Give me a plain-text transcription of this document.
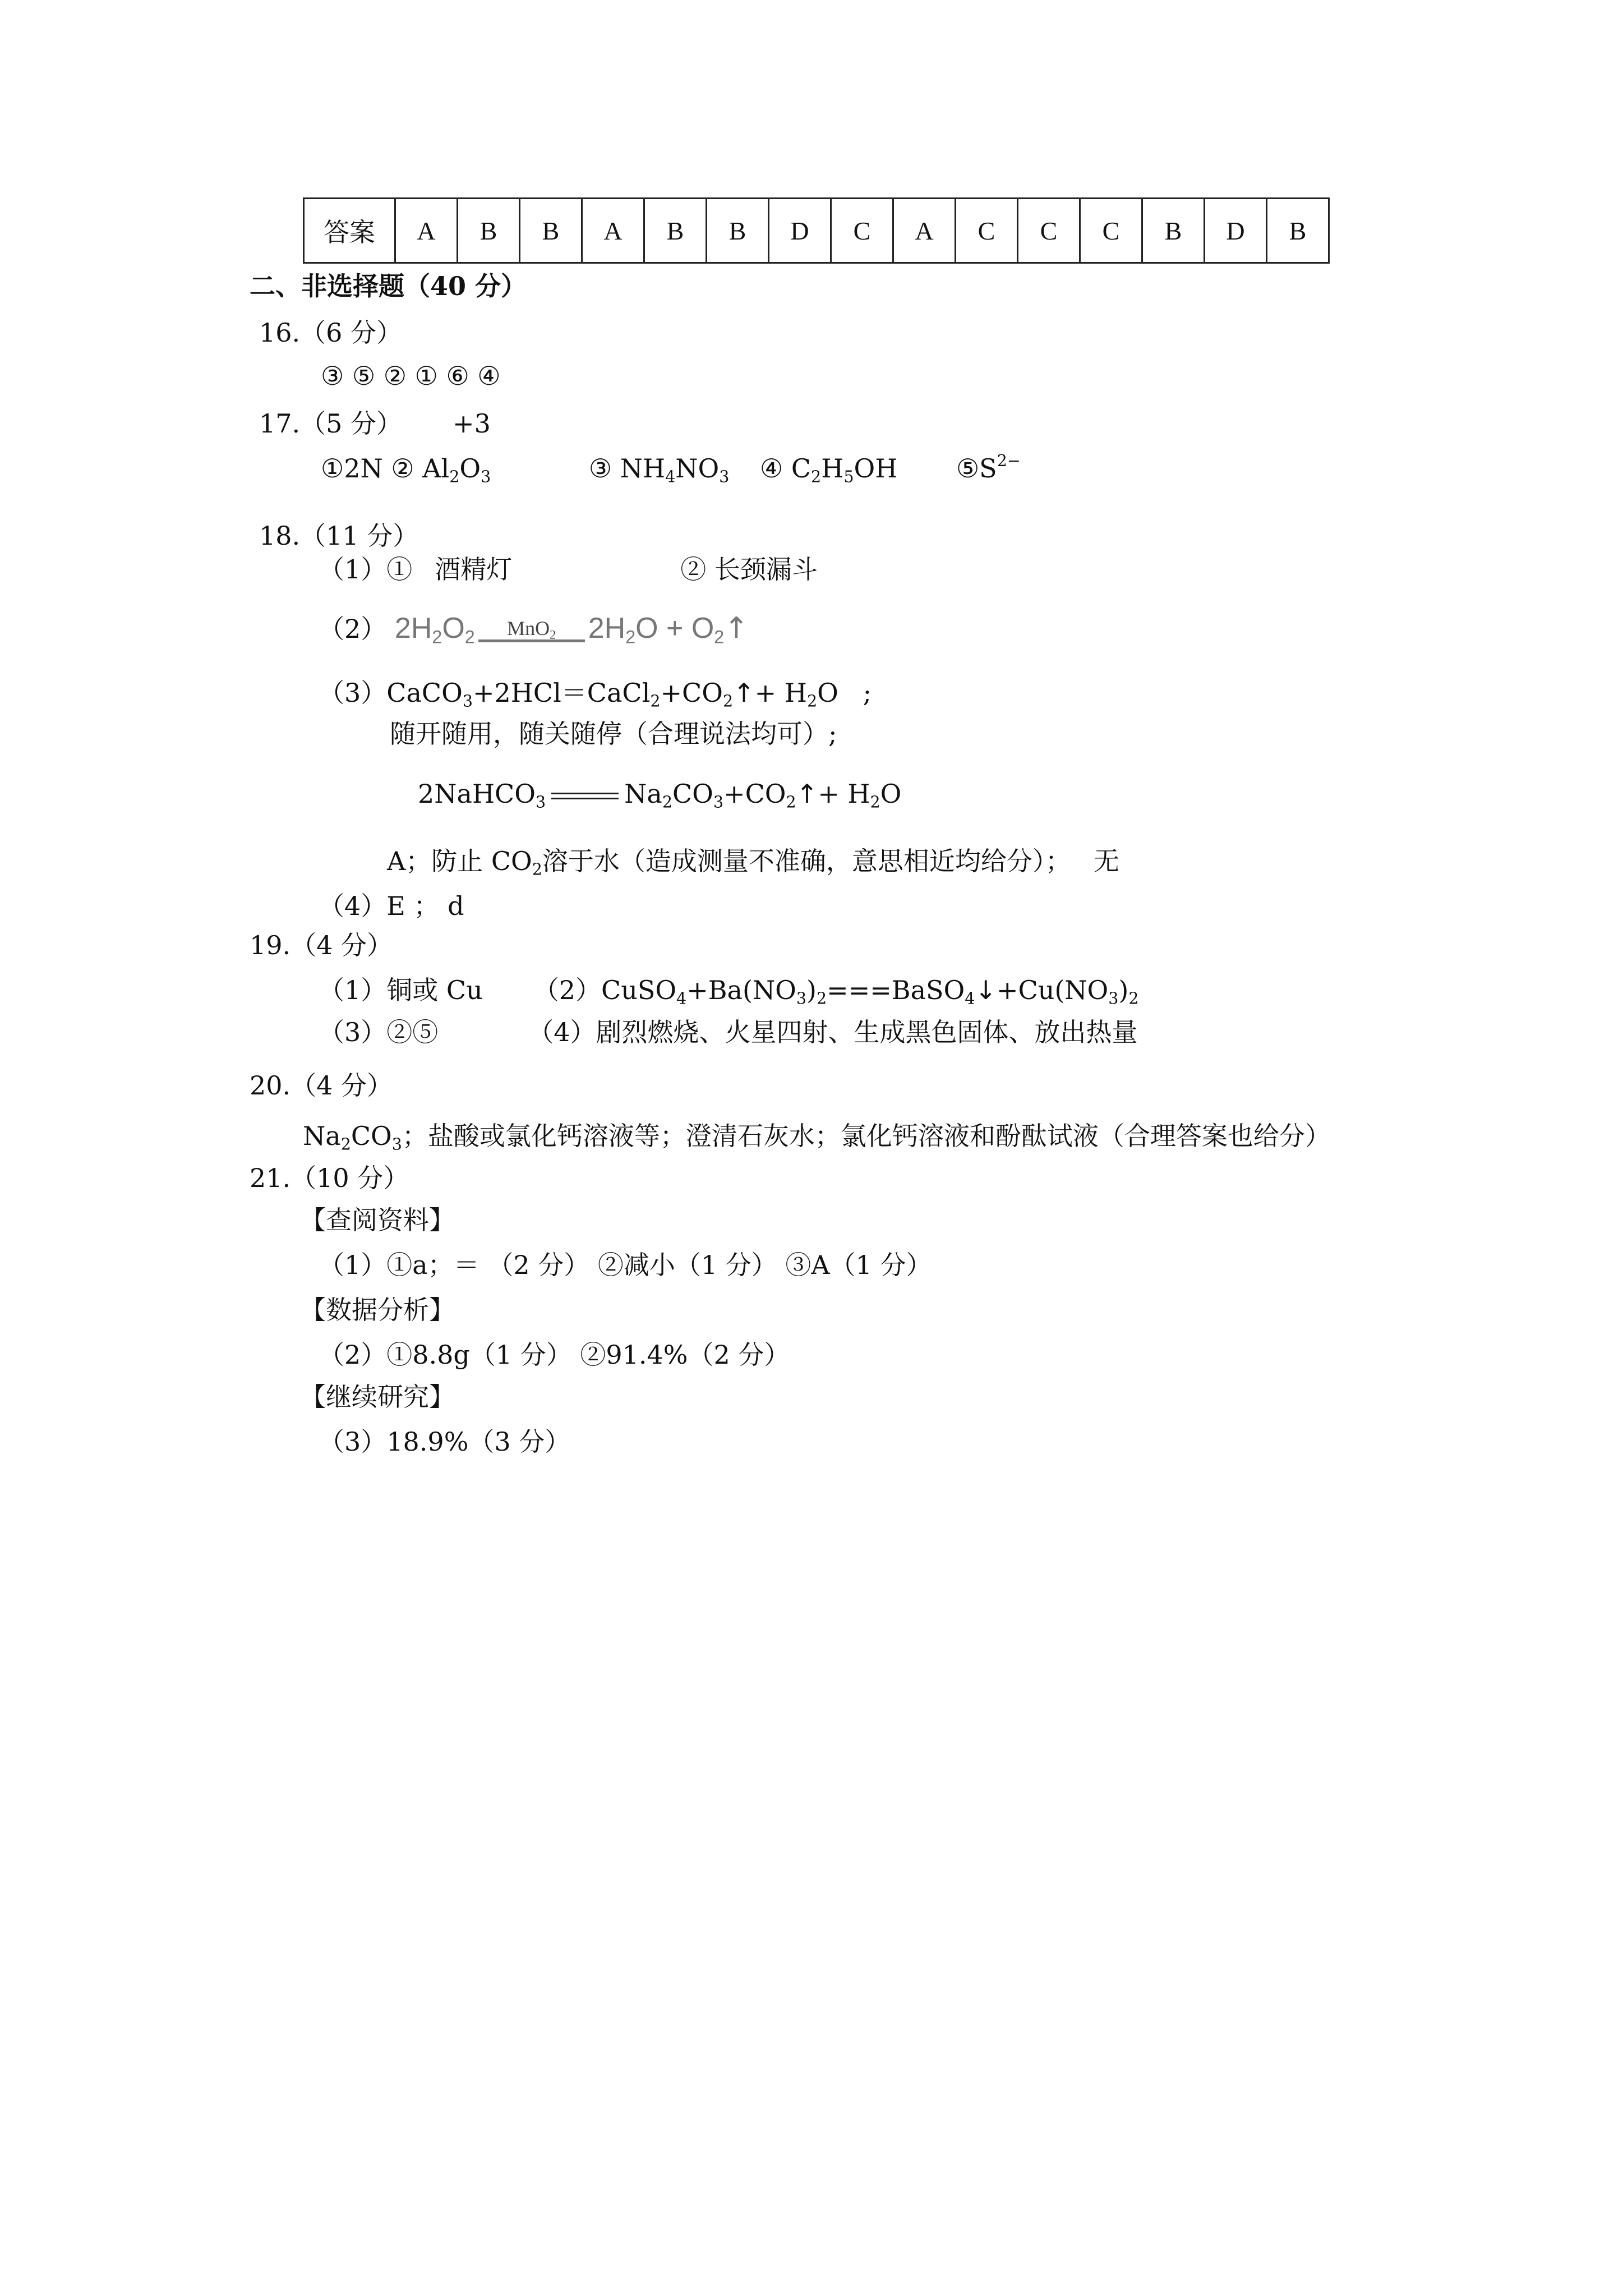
答案	A	B	B	A	B	B	D	C	A	C	C	C	B	D	B
二、非选择题（40 分）
16.（6 分）
③ ⑤ ② ① ⑥ ④
17.（5 分） +3
①2N ② $Al_2O_3$	③ $NH_4NO_3$ ④ $C_2H_5OH$ $⑤S^{2-}$
18.（11 分）
（1）① 酒精灯	② 长颈漏斗
（2） $2H_2O_2$	MnO$_2$	$2H_2O$ + $O_2↑$
$(3)CaCO_3+2HCl=CaCl_2+CO_2↑+ H_2O$   ;
随开随用，随关随停（合理说法均可）;
2NaHCO$_3$	$Na_2CO_3+CO_2↑+ H_2O$
A；防止 $CO_2$溶于水（造成测量不准确，意思相近均给分）； 无
（4）E ； d
19.（4 分）
（1）铜或 Cu $(2)CuSO_4+Ba(NO_3)_2===BaSO_4↓+Cu(NO_3)_2$
（3）②⑤	（4）剧烈燃烧、火星四射、生成黑色固体、放出热量
20.（4 分）
$Na_2CO_3$；盐酸或氯化钙溶液等；澄清石灰水；氯化钙溶液和酚酞试液（合理答案也给分）
21.（10 分）
【查阅资料】
（1）①a；＝ （2 分） ②减小（1 分） ③A（1 分）
【数据分析】
（2）①8.8g（1 分） ②91.4%（2 分）
【继续研究】
（3）18.9%（3 分）
